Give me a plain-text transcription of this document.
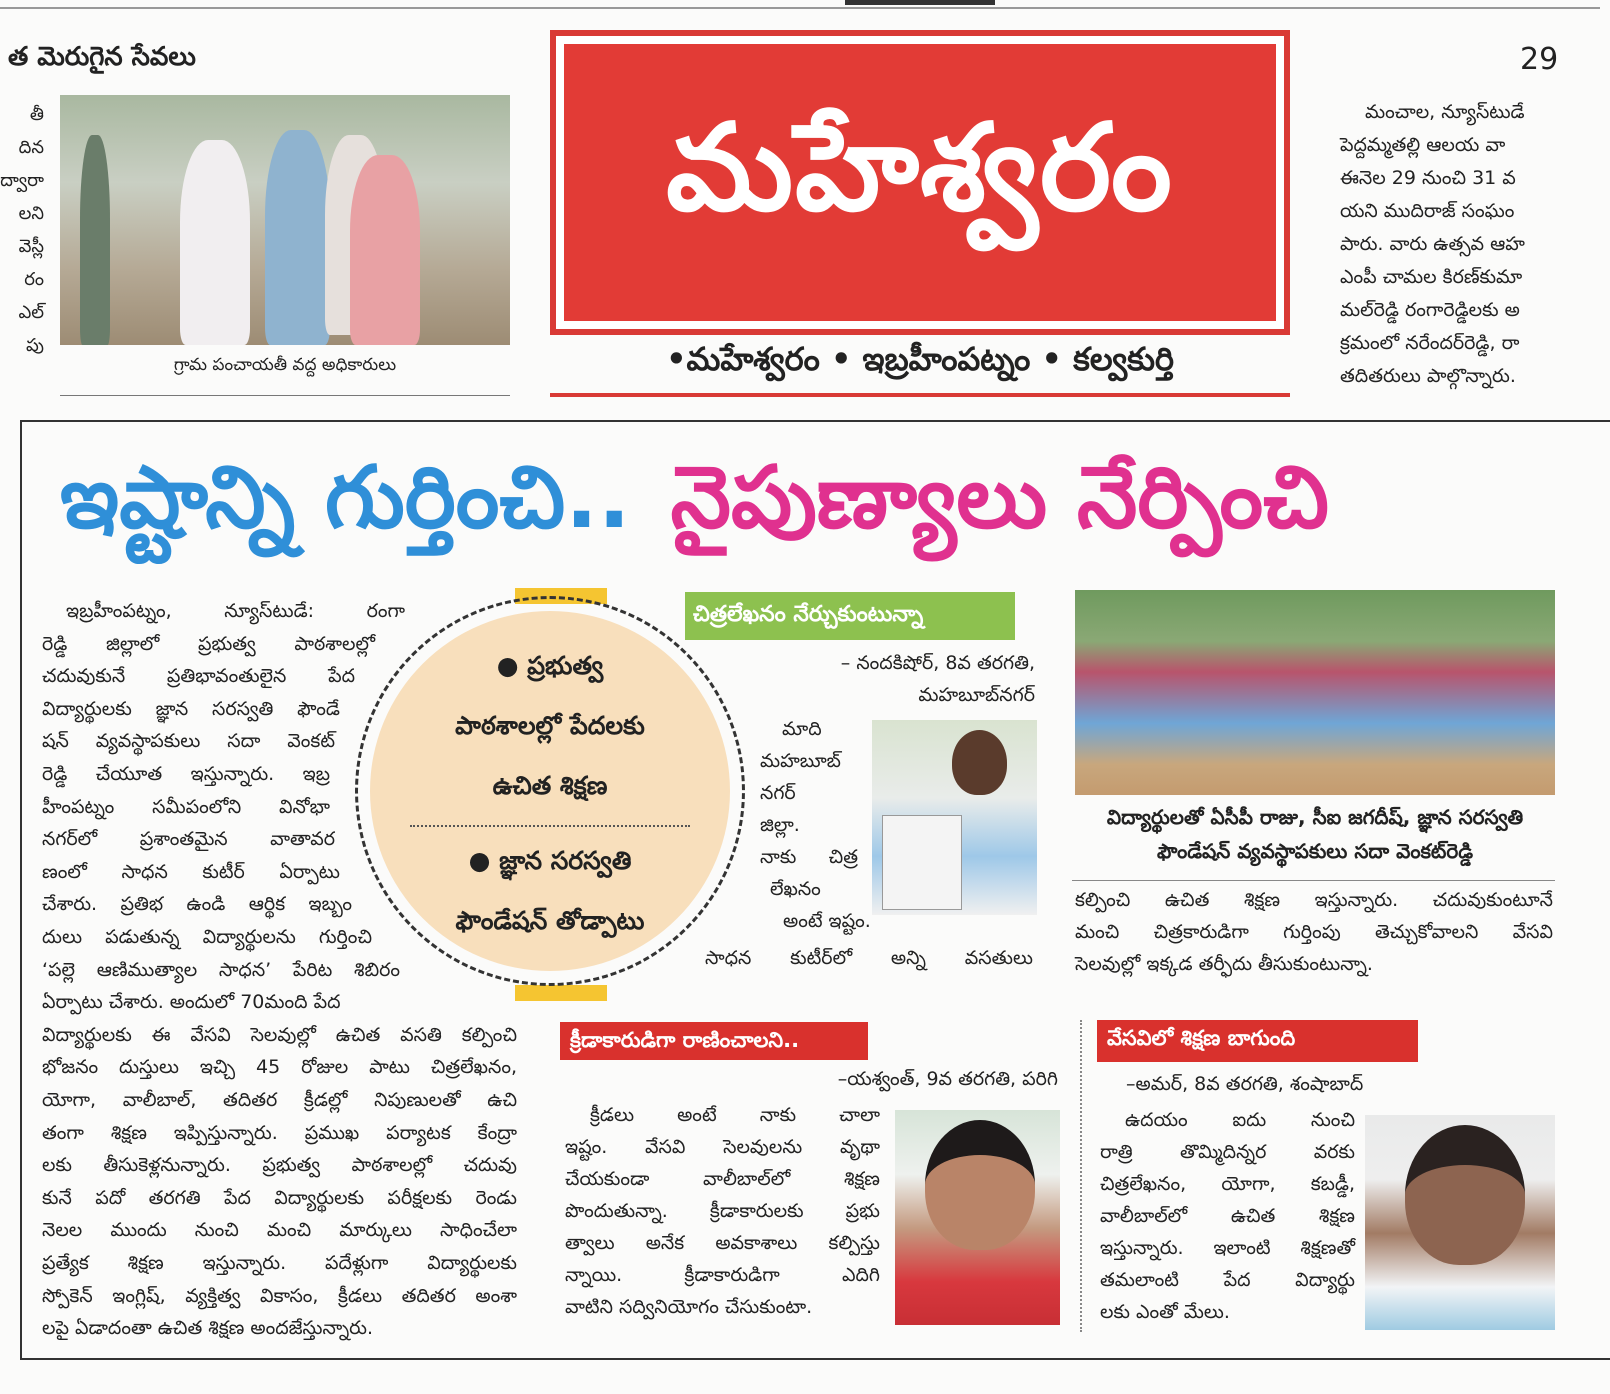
త మెరుగైన సేవలు
తీ
దిన
ద్వారా
లని
వెస్లీ
రం
ఎల్
పు
గ్రామ పంచాయతీ వద్ద అధికారులు
మహేశ్వరం
•మహేశ్వరం • ఇబ్రహీంపట్నం • కల్వకుర్తి
29
మంచాల, న్యూస్‌టుడే
పెద్దమ్మతల్లి ఆలయ వా
ఈనెల 29 నుంచి 31 వ
యని ముదిరాజ్ సంఘం
పారు. వారు ఉత్సవ ఆహ
ఎంపీ చామల కిరణ్‌కుమా
మల్‌రెడ్డి రంగారెడ్డిలకు అ
క్రమంలో నరేందర్‌రెడ్డి, రా
తదితరులు పాల్గొన్నారు.
ఇష్టాన్ని గుర్తించి.. నైపుణ్యాలు నేర్పించి
ఇబ్రహీంపట్నం, న్యూస్‌టుడే: రంగా
రెడ్డి జిల్లాలో ప్రభుత్వ పాఠశాలల్లో
చదువుకునే ప్రతిభావంతులైన పేద
విద్యార్థులకు జ్ఞాన సరస్వతి ఫౌండే
షన్ వ్యవస్థాపకులు సదా వెంకట్
రెడ్డి చేయూత ఇస్తున్నారు. ఇబ్ర
హీంపట్నం సమీపంలోని వినోభా
నగర్‌లో ప్రశాంతమైన వాతావర
ణంలో సాధన కుటీర్ ఏర్పాటు
చేశారు. ప్రతిభ ఉండి ఆర్థిక ఇబ్బం
దులు పడుతున్న విద్యార్థులను గుర్తించి
‘పల్లె ఆణిముత్యాల సాధన’ పేరిట శిబిరం
ఏర్పాటు చేశారు. అందులో 70మంది పేద
విద్యార్థులకు ఈ వేసవి సెలవుల్లో ఉచిత వసతి కల్పించి
భోజనం దుస్తులు ఇచ్చి 45 రోజుల పాటు చిత్రలేఖనం,
యోగా, వాలీబాల్, తదితర క్రీడల్లో నిపుణులతో ఉచి
తంగా శిక్షణ ఇప్పిస్తున్నారు. ప్రముఖ పర్యాటక కేంద్రా
లకు తీసుకెళ్లనున్నారు. ప్రభుత్వ పాఠశాలల్లో చదువు
కునే పదో తరగతి పేద విద్యార్థులకు పరీక్షలకు రెండు
నెలల ముందు నుంచి మంచి మార్కులు సాధించేలా
ప్రత్యేక శిక్షణ ఇస్తున్నారు. పదేళ్లుగా విద్యార్థులకు
స్పోకెన్ ఇంగ్లిష్, వ్యక్తిత్వ వికాసం, క్రీడలు తదితర అంశా
లపై ఏడాదంతా ఉచిత శిక్షణ అందజేస్తున్నారు.
మాది
మహబూబ్
నగర్
జిల్లా.
నాకు చిత్ర
లేఖనం
అంటే ఇష్టం.
సాధన కుటీర్‌లో అన్ని వసతులు
కల్పించి ఉచిత శిక్షణ ఇస్తున్నారు. చదువుకుంటూనే
మంచి చిత్రకారుడిగా గుర్తింపు తెచ్చుకోవాలని వేసవి
సెలవుల్లో ఇక్కడ తర్ఫీదు తీసుకుంటున్నా.
క్రీడలు అంటే నాకు చాలా
ఇష్టం. వేసవి సెలవులను వృథా
చేయకుండా వాలీబాల్‌లో శిక్షణ
పొందుతున్నా. క్రీడాకారులకు ప్రభు
త్వాలు అనేక అవకాశాలు కల్పిస్తు
న్నాయి. క్రీడాకారుడిగా ఎదిగి
వాటిని సద్వినియోగం చేసుకుంటా.
ఉదయం ఐదు నుంచి
రాత్రి తొమ్మిదిన్నర వరకు
చిత్రలేఖనం, యోగా, కబడ్డీ,
వాలీబాల్‌లో ఉచిత శిక్షణ
ఇస్తున్నారు. ఇలాంటి శిక్షణతో
తమలాంటి పేద విద్యార్థు
లకు ఎంతో మేలు.
● ప్రభుత్వ
పాఠశాలల్లో పేదలకు
ఉచిత శిక్షణ
● జ్ఞాన సరస్వతి
ఫౌండేషన్ తోడ్పాటు
చిత్రలేఖనం నేర్చుకుంటున్నా
– నందకిషోర్, 8వ తరగతి,
మహబూబ్‌నగర్
విద్యార్థులతో ఏసీపీ రాజు, సీఐ జగదీష్, జ్ఞాన సరస్వతి
ఫౌండేషన్ వ్యవస్థాపకులు సదా వెంకట్‌రెడ్డి
క్రీడాకారుడిగా రాణించాలని..
–యశ్వంత్, 9వ తరగతి, పరిగి
వేసవిలో శిక్షణ బాగుంది
–అమర్, 8వ తరగతి, శంషాబాద్
